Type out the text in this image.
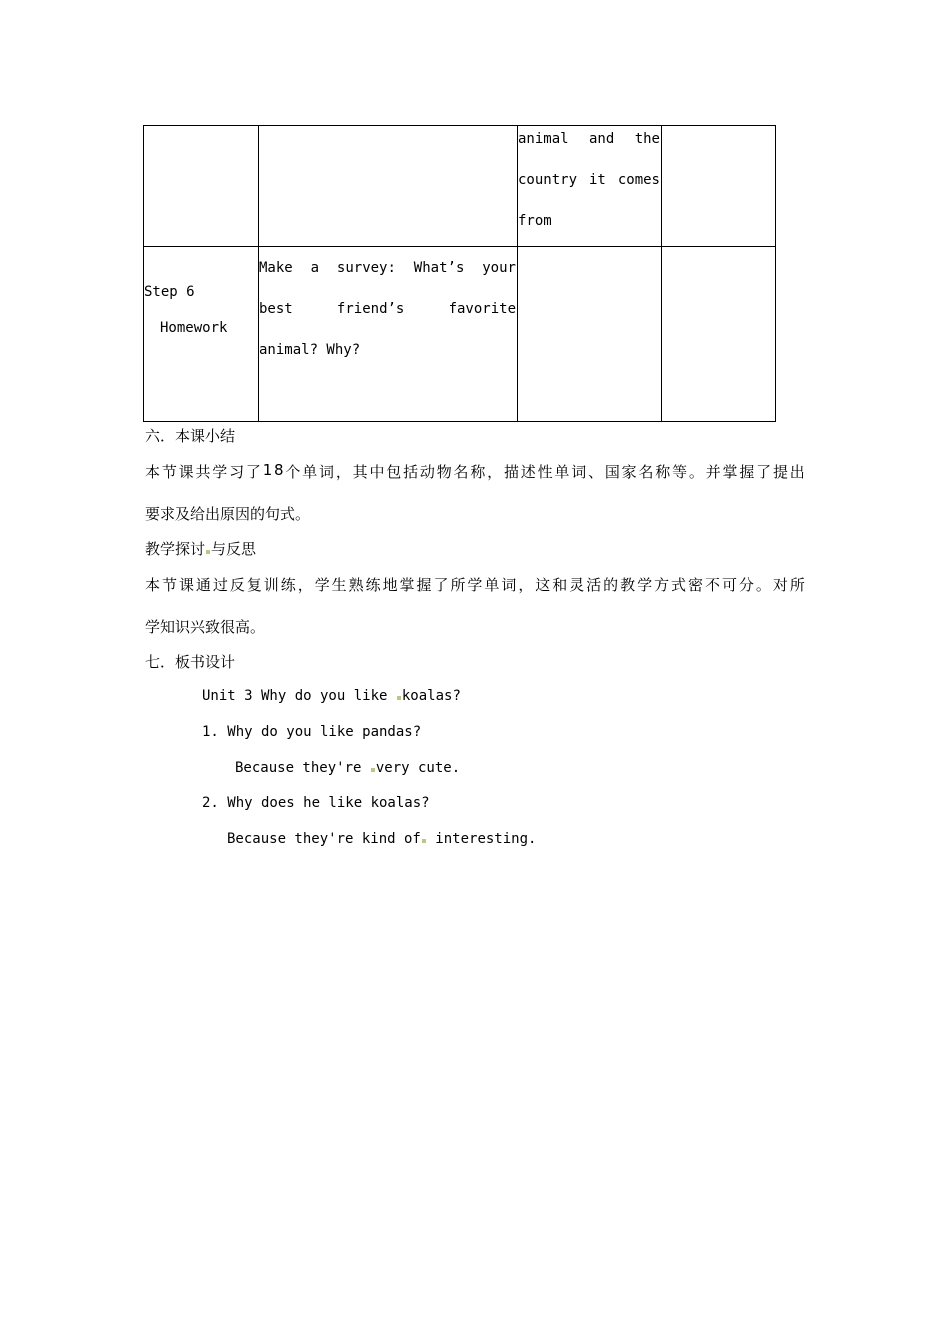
animal and the
country it comes
from
Step 6
Homework
Make a survey: What’s your
best	friend’s	favorite
animal? Why?
六．本课小结
本 节 课 共 学 习 了 1 8 个 单 词 ， 其 中 包 括 动 物 名 称 ， 描 述 性 单 词 、 国 家 名 称 等 。 并 掌 握 了 提 出
要求及给出原因的句式。
教学探讨 与反思
本 节 课 通 过 反 复 训 练 ， 学 生 熟 练 地 掌 握 了 所 学 单 词 ， 这 和 灵 活 的 教 学 方 式 密 不 可 分 。 对 所
学知识兴致很高。
七．板书设计
Unit 3 Why do you like koalas?
1. Why do you like pandas?
Because they're very cute.
2. Why does he like koalas?
Because they're kind of interesting.
